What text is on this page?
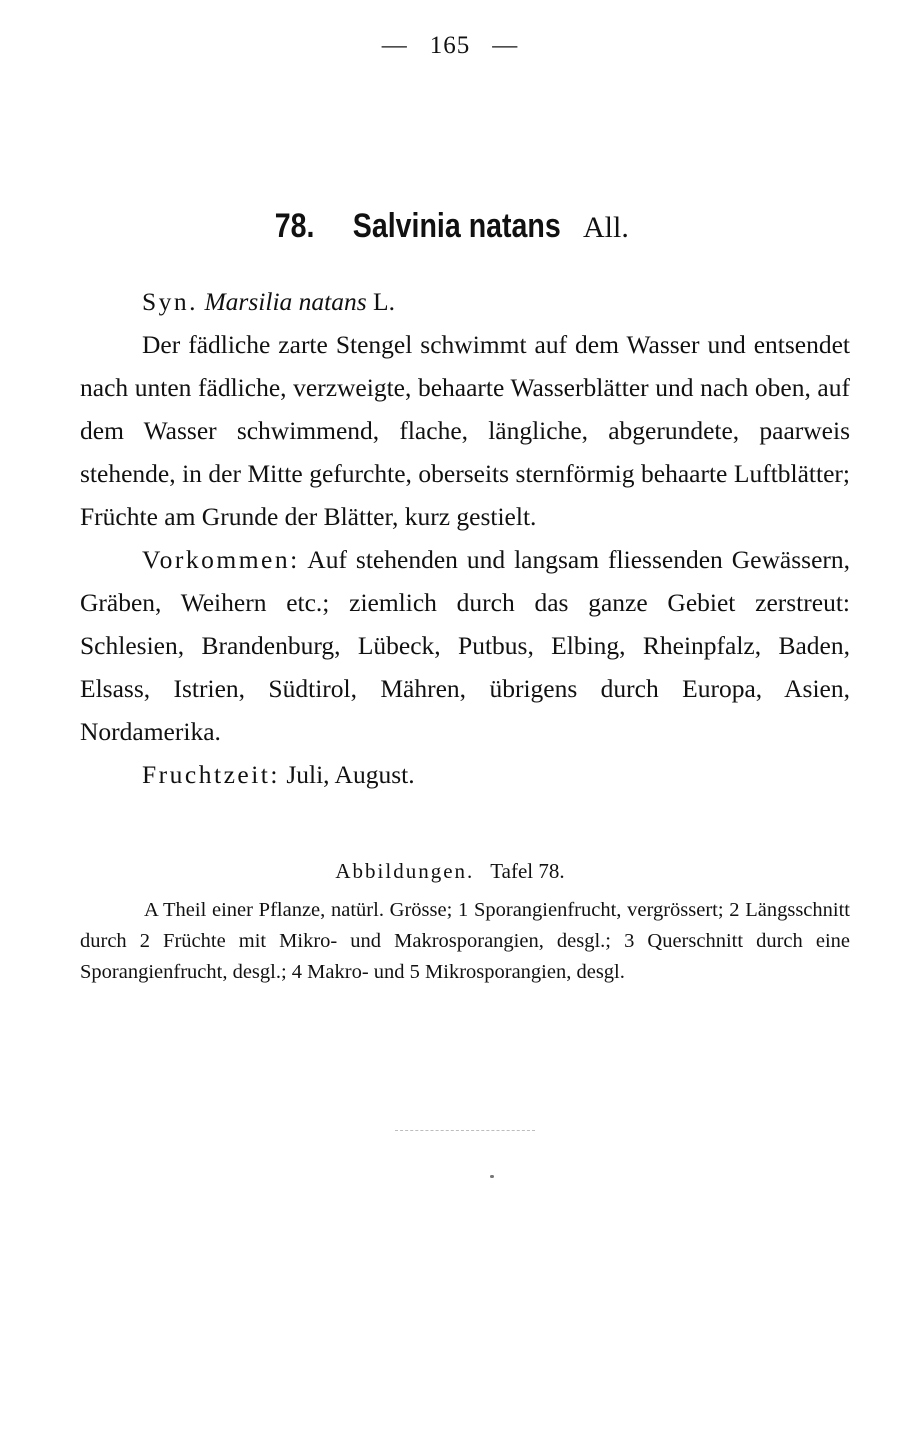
— 165 —
78. Salvinia natans All.

Syn. Marsilia natans L.

Der fädliche zarte Stengel schwimmt auf dem Wasser und entsendet nach unten fädliche, verzweigte, behaarte Wasserblätter und nach oben, auf dem Wasser schwimmend, flache, längliche, abgerundete, paarweis stehende, in der Mitte gefurchte, oberseits sternförmig behaarte Luftblätter; Früchte am Grunde der Blätter, kurz gestielt.

Vorkommen: Auf stehenden und langsam fliessenden Gewässern, Gräben, Weihern etc.; ziemlich durch das ganze Gebiet zerstreut: Schlesien, Brandenburg, Lübeck, Putbus, Elbing, Rheinpfalz, Baden, Elsass, Istrien, Südtirol, Mähren, übrigens durch Europa, Asien, Nordamerika.

Fruchtzeit: Juli, August.

Abbildungen. Tafel 78.

A Theil einer Pflanze, natürl. Grösse; 1 Sporangienfrucht, vergrössert; 2 Längsschnitt durch 2 Früchte mit Mikro- und Makrosporangien, desgl.; 3 Querschnitt durch eine Sporangienfrucht, desgl.; 4 Makro- und 5 Mikrosporangien, desgl.
